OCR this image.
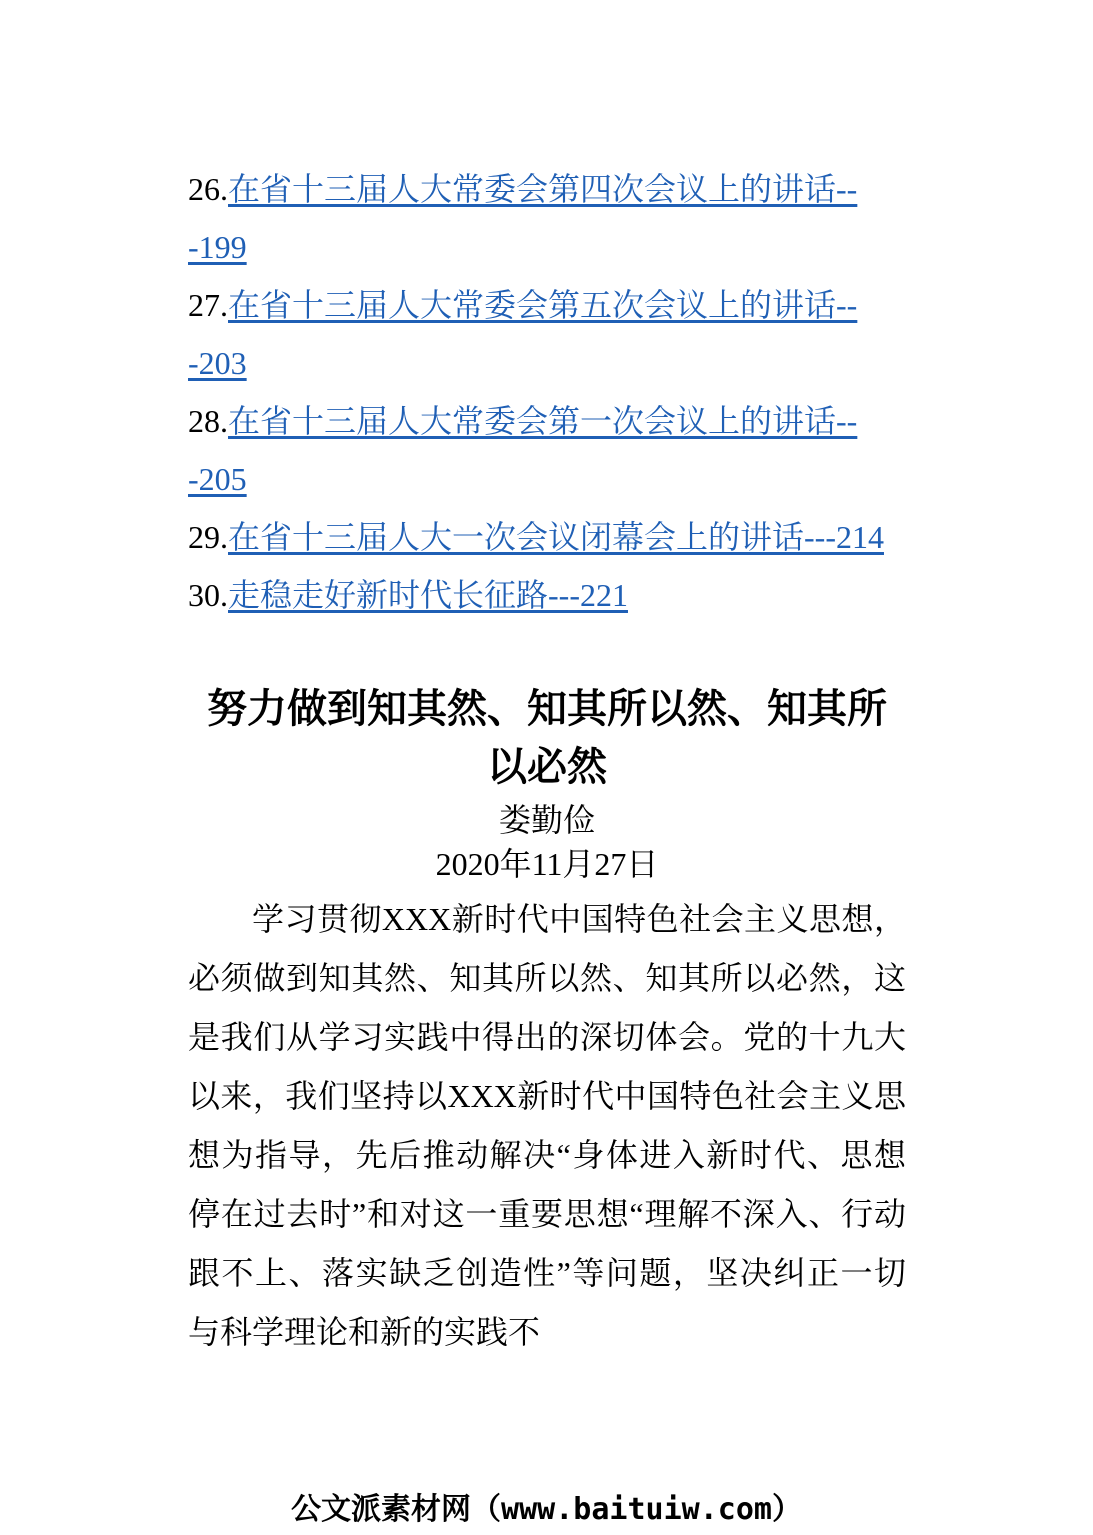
26.在省十三届人大常委会第四次会议上的讲话---199

27.在省十三届人大常委会第五次会议上的讲话---203

28.在省十三届人大常委会第一次会议上的讲话---205

29.在省十三届人大一次会议闭幕会上的讲话---214

30.走稳走好新时代长征路---221

努力做到知其然、知其所以然、知其所以必然

娄勤俭

2020年11月27日

学习贯彻XXX新时代中国特色社会主义思想，必须做到知其然、知其所以然、知其所以必然，这是我们从学习实践中得出的深切体会。党的十九大以来，我们坚持以XXX新时代中国特色社会主义思想为指导，先后推动解决“身体进入新时代、思想停在过去时”和对这一重要思想“理解不深入、行动跟不上、落实缺乏创造性”等问题，坚决纠正一切与科学理论和新的实践不

公文派素材网（www.baituiw.com）
